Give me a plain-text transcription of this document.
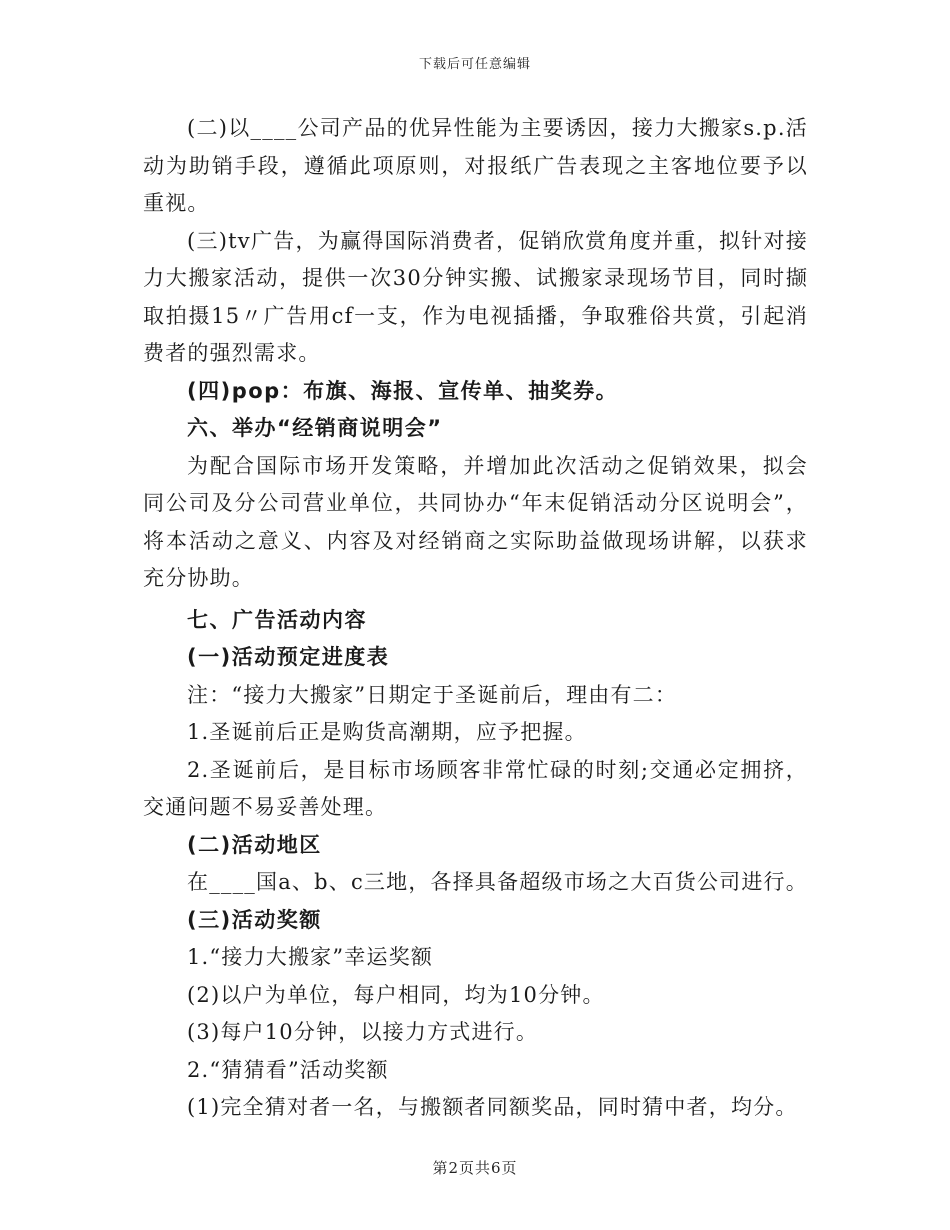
下载后可任意编辑

(二)以____公司产品的优异性能为主要诱因，接力大搬家s.p.活动为助销手段，遵循此项原则，对报纸广告表现之主客地位要予以重视。

(三)tv广告，为赢得国际消费者，促销欣赏角度并重，拟针对接力大搬家活动，提供一次30分钟实搬、试搬家录现场节目，同时撷取拍摄15〃广告用cf一支，作为电视插播，争取雅俗共赏，引起消费者的强烈需求。

(四)pop：布旗、海报、宣传单、抽奖券。

六、举办“经销商说明会”

为配合国际市场开发策略，并增加此次活动之促销效果，拟会同公司及分公司营业单位，共同协办“年末促销活动分区说明会”，将本活动之意义、内容及对经销商之实际助益做现场讲解，以获求充分协助。

七、广告活动内容

(一)活动预定进度表

注：“接力大搬家”日期定于圣诞前后，理由有二：

1.圣诞前后正是购货高潮期，应予把握。

2.圣诞前后，是目标市场顾客非常忙碌的时刻;交通必定拥挤，交通问题不易妥善处理。

(二)活动地区

在____国a、b、c三地，各择具备超级市场之大百货公司进行。

(三)活动奖额

1.“接力大搬家”幸运奖额

(2)以户为单位，每户相同，均为10分钟。

(3)每户10分钟，以接力方式进行。

2.“猜猜看”活动奖额

(1)完全猜对者一名，与搬额者同额奖品，同时猜中者，均分。

第2页共6页
